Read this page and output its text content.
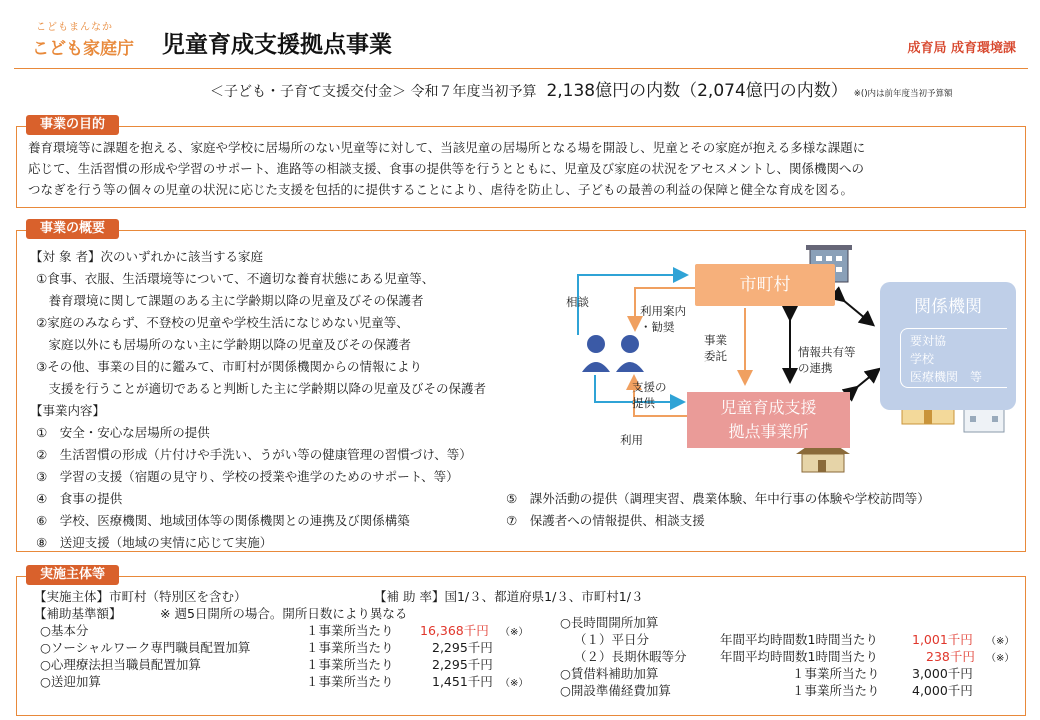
こどもまんなか
こども家庭庁 児童育成支援拠点事業	成育局 成育環境課
＜子ども・子育て支援交付金＞ 令和７年度当初予算 2,138億円の内数（2,074億円の内数） ※()内は前年度当初予算額
事業の目的
養育環境等に課題を抱える、家庭や学校に居場所のない児童等に対して、当該児童の居場所となる場を開設し、児童とその家庭が抱える多様な課題に
応じて、生活習慣の形成や学習のサポート、進路等の相談支援、食事の提供等を行うとともに、児童及び家庭の状況をアセスメントし、関係機関への
つなぎを行う等の個々の児童の状況に応じた支援を包括的に提供することにより、虐待を防止し、子どもの最善の利益の保障と健全な育成を図る。
事業の概要
【対 象 者】次のいずれかに該当する家庭
①食事、衣服、生活環境等について、不適切な養育状態にある児童等、
　養育環境に関して課題のある主に学齢期以降の児童及びその保護者
②家庭のみならず、不登校の児童や学校生活になじめない児童等、
　家庭以外にも居場所のない主に学齢期以降の児童及びその保護者
③その他、事業の目的に鑑みて、市町村が関係機関からの情報により
　支援を行うことが適切であると判断した主に学齢期以降の児童及びその保護者
【事業内容】
①　安全・安心な居場所の提供
②　生活習慣の形成（片付けや手洗い、うがい等の健康管理の習慣づけ、等）
③　学習の支援（宿題の見守り、学校の授業や進学のためのサポート、等）
④　食事の提供
⑥　学校、医療機関、地域団体等の関係機関との連携及び関係構築
⑧　送迎支援（地域の実情に応じて実施）
⑤　課外活動の提供（調理実習、農業体験、年中行事の体験や学校訪問等）
⑦　保護者への情報提供、相談支援
市町村
児童育成支援
拠点事業所
関係機関
要対協
学校
医療機関　等
相談
利用案内
・勧奨
事業
委託	情報共有等
の連携
支援の
提供
利用
実施主体等
【実施主体】市町村（特別区を含む）	【補 助 率】国1/３、都道府県1/３、市町村1/３
【補助基準額】	※ 週5日開所の場合。開所日数により異なる
○基本分	１事業所当たり 16,368千円 （※）
○ソーシャルワーク専門職員配置加算	１事業所当たり	2,295千円
○心理療法担当職員配置加算	１事業所当たり	2,295千円
○送迎加算	１事業所当たり	1,451千円 （※）
○長時間開所加算
（１）平日分	年間平均時間数1時間当たり	1,001千円 （※）
（２）長期休暇等分	年間平均時間数1時間当たり	238千円 （※）
○賃借料補助加算	１事業所当たり	3,000千円
○開設準備経費加算	１事業所当たり	4,000千円
